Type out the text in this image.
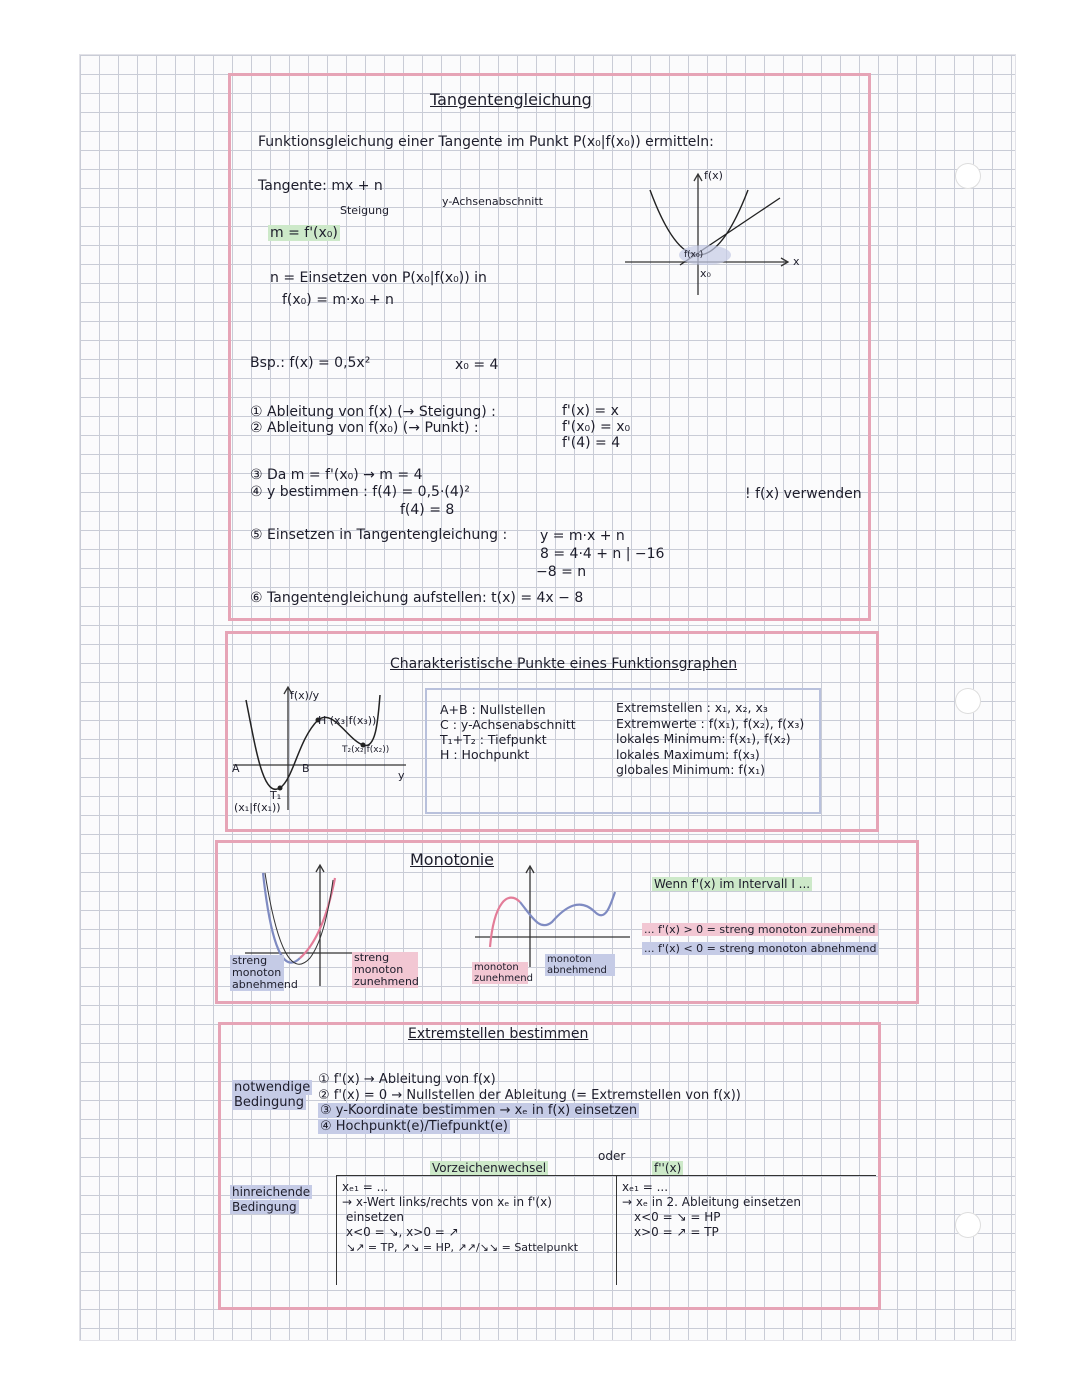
Tangentengleichung
Funktionsgleichung einer Tangente im Punkt P(x₀|f(x₀)) ermitteln:
Tangente: mx + n
Steigung
y-Achsenabschnitt
m = f'(x₀)
n = Einsetzen von P(x₀|f(x₀)) in
f(x₀) = m·x₀ + n
f(x)
x
x₀
f(x₀)
Bsp.: f(x) = 0,5x²	x₀ = 4
① Ableitung von f(x) (→ Steigung) :
② Ableitung von f(x₀) (→ Punkt) :
f'(x) = x
f'(x₀) = x₀
f'(4) = 4
③ Da m = f'(x₀) → m = 4
④ y bestimmen : f(4) = 0,5·(4)²
f(4) = 8
! f(x) verwenden
⑤ Einsetzen in Tangentengleichung : y = m·x + n
8 = 4·4 + n | −16
−8 = n
⑥ Tangentengleichung aufstellen: t(x) = 4x − 8
Charakteristische Punkte eines Funktionsgraphen
f(x)/y
H (x₃|f(x₃))
T₂(x₂|f(x₂))
A	B
T₁
(x₁|f(x₁))
y
A+B : Nullstellen
C : y-Achsenabschnitt
T₁+T₂ : Tiefpunkt
H : Hochpunkt
Extremstellen : x₁, x₂, x₃
Extremwerte : f(x₁), f(x₂), f(x₃)
lokales Minimum: f(x₁), f(x₂)
lokales Maximum: f(x₃)
globales Minimum: f(x₁)
Monotonie
streng monoton abnehmend
streng monoton zunehmend
monoton zunehmend
monoton abnehmend
Wenn f'(x) im Intervall I ...
... f'(x) > 0 = streng monoton zunehmend
... f'(x) < 0 = streng monoton abnehmend
Extremstellen bestimmen
notwendige
Bedingung
① f'(x) → Ableitung von f(x)
② f'(x) = 0 → Nullstellen der Ableitung (= Extremstellen von f(x))
③ y-Koordinate bestimmen → xₑ in f(x) einsetzen
④ Hochpunkt(e)/Tiefpunkt(e)
oder
Vorzeichenwechsel	f''(x)
hinreichende
Bedingung
xₑ₁ = ...
→ x-Wert links/rechts von xₑ in f'(x)
einsetzen
x<0 = ↘, x>0 = ↗
↘↗ = TP, ↗↘ = HP, ↗↗/↘↘ = Sattelpunkt
xₑ₁ = ...
→ xₑ in 2. Ableitung einsetzen
x<0 = ↘ = HP
x>0 = ↗ = TP
